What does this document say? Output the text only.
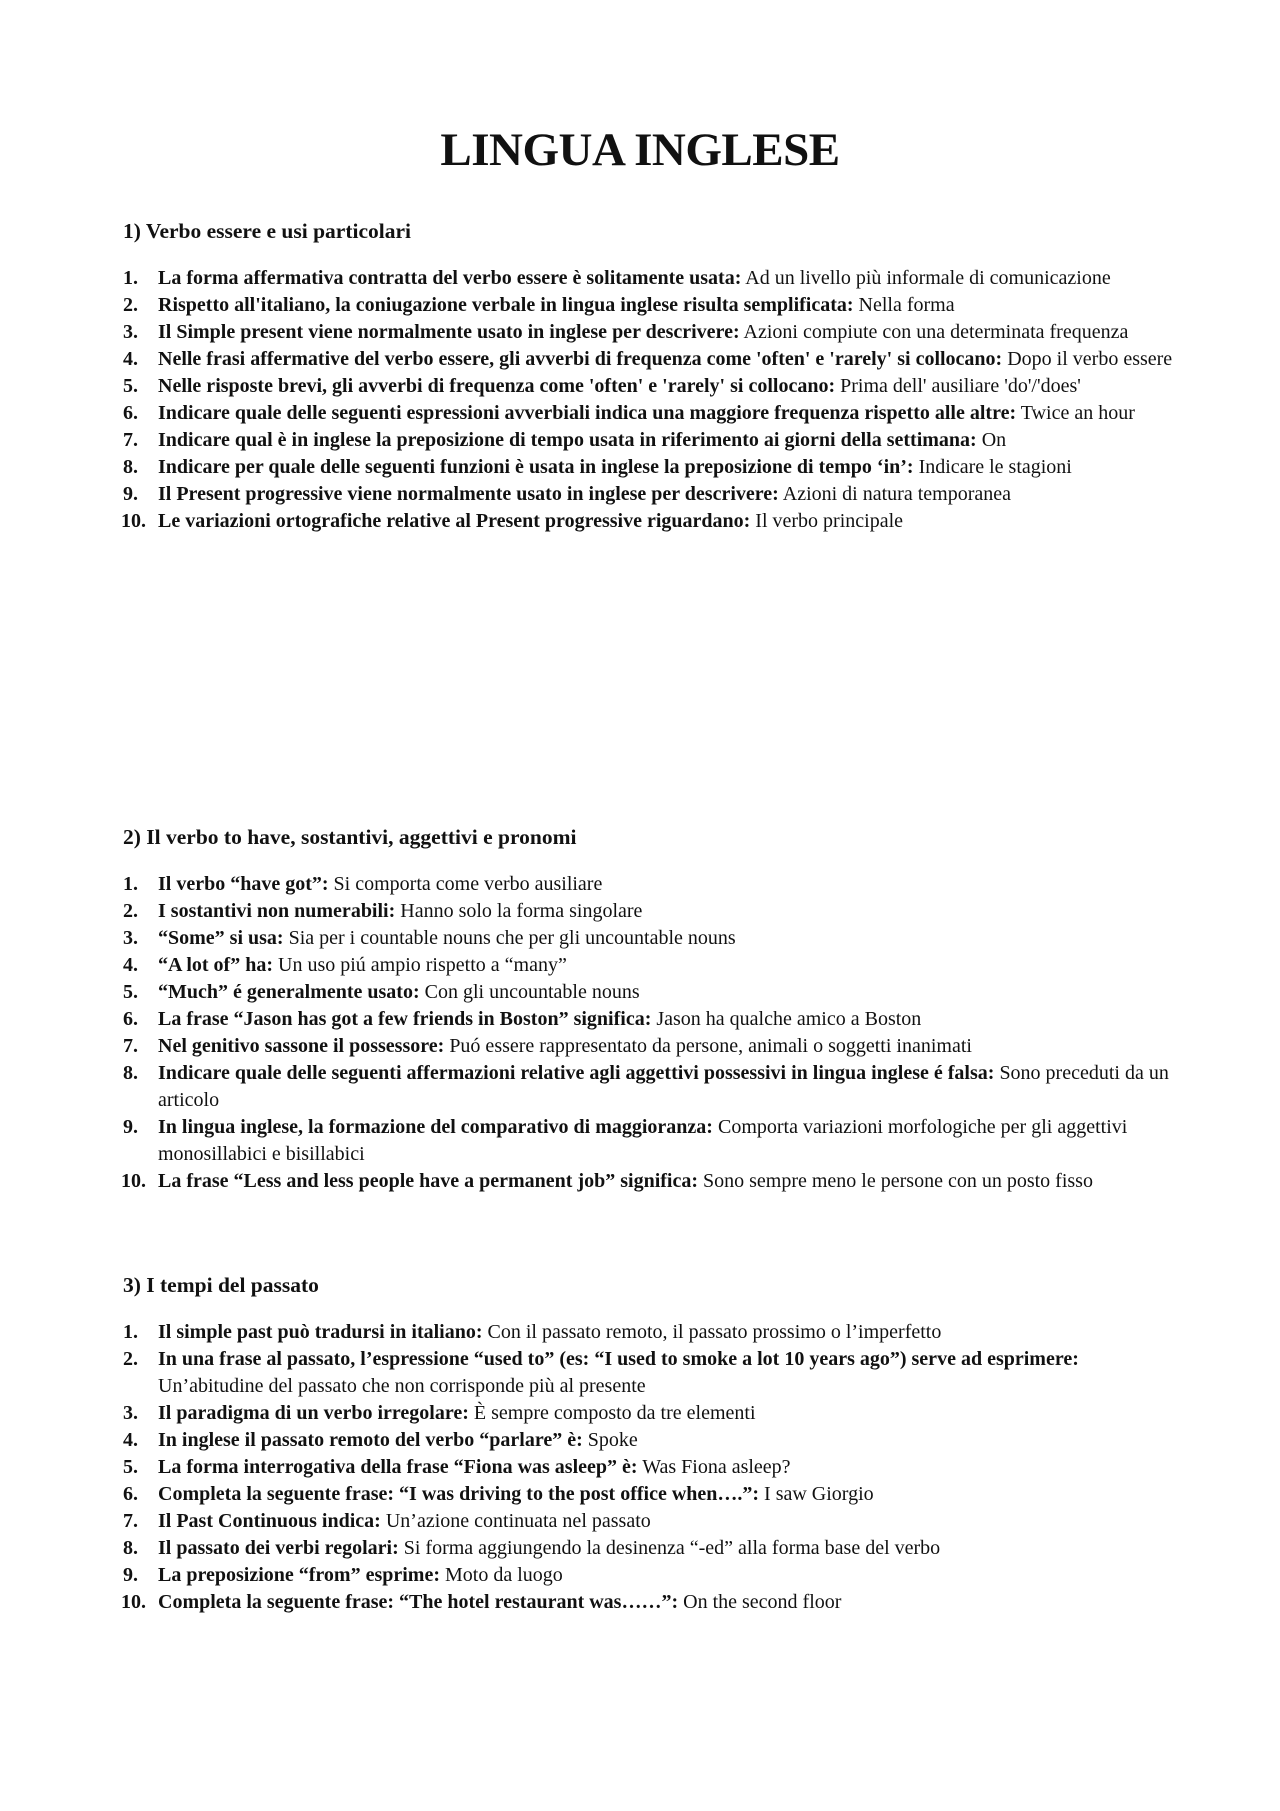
LINGUA INGLESE
1) Verbo essere e usi particolari
1.	La forma affermativa contratta del verbo essere è solitamente usata: Ad un livello più informale di comunicazione
2.	Rispetto all'italiano, la coniugazione verbale in lingua inglese risulta semplificata: Nella forma
3.	Il Simple present viene normalmente usato in inglese per descrivere: Azioni compiute con una determinata frequenza
4.	Nelle frasi affermative del verbo essere, gli avverbi di frequenza come 'often' e 'rarely' si collocano: Dopo il verbo essere
5.	Nelle risposte brevi, gli avverbi di frequenza come 'often' e 'rarely' si collocano: Prima dell' ausiliare 'do'/'does'
6.	Indicare quale delle seguenti espressioni avverbiali indica una maggiore frequenza rispetto alle altre: Twice an hour
7.	Indicare qual è in inglese la preposizione di tempo usata in riferimento ai giorni della settimana: On
8.	Indicare per quale delle seguenti funzioni è usata in inglese la preposizione di tempo ‘in’: Indicare le stagioni
9.	Il Present progressive viene normalmente usato in inglese per descrivere: Azioni di natura temporanea
10. Le variazioni ortografiche relative al Present progressive riguardano: Il verbo principale
2) Il verbo to have, sostantivi, aggettivi e pronomi
1.	Il verbo “have got”: Si comporta come verbo ausiliare
2.	I sostantivi non numerabili: Hanno solo la forma singolare
3.	“Some” si usa: Sia per i countable nouns che per gli uncountable nouns
4.	“A lot of” ha: Un uso piú ampio rispetto a “many”
5.	“Much” é generalmente usato: Con gli uncountable nouns
6.	La frase “Jason has got a few friends in Boston” significa: Jason ha qualche amico a Boston
7.	Nel genitivo sassone il possessore: Puó essere rappresentato da persone, animali o soggetti inanimati
8.	Indicare quale delle seguenti affermazioni relative agli aggettivi possessivi in lingua inglese é falsa: Sono preceduti da un articolo
9.	In lingua inglese, la formazione del comparativo di maggioranza: Comporta variazioni morfologiche per gli aggettivi monosillabici e bisillabici
10. La frase “Less and less people have a permanent job” significa: Sono sempre meno le persone con un posto fisso
3) I tempi del passato
1.	Il simple past può tradursi in italiano: Con il passato remoto, il passato prossimo o l’imperfetto
2.	In una frase al passato, l’espressione “used to” (es: “I used to smoke a lot 10 years ago”) serve ad esprimere: Un’abitudine del passato che non corrisponde più al presente
3.	Il paradigma di un verbo irregolare: È sempre composto da tre elementi
4.	In inglese il passato remoto del verbo “parlare” è: Spoke
5.	La forma interrogativa della frase “Fiona was asleep” è: Was Fiona asleep?
6.	Completa la seguente frase: “I was driving to the post office when….”: I saw Giorgio
7.	Il Past Continuous indica: Un’azione continuata nel passato
8.	Il passato dei verbi regolari: Si forma aggiungendo la desinenza “-ed” alla forma base del verbo
9.	La preposizione “from” esprime: Moto da luogo
10. Completa la seguente frase: “The hotel restaurant was……”: On the second floor
